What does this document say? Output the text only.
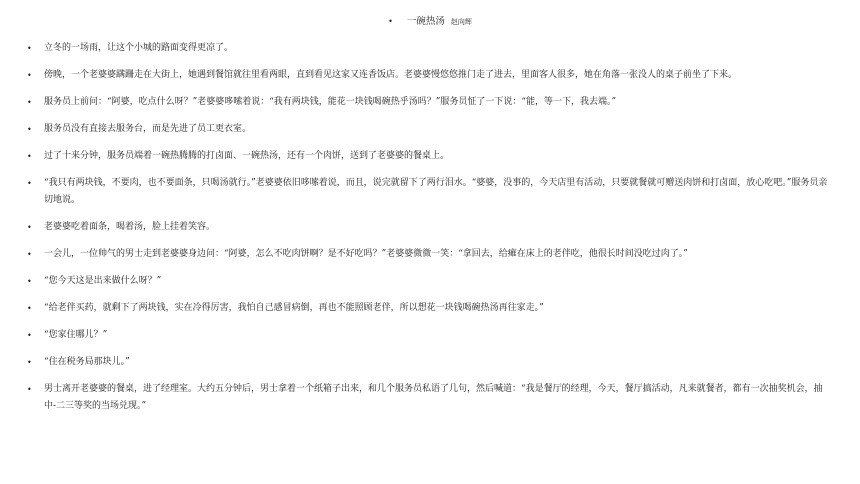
• 一碗热汤 赵向辉
• 立冬的一场雨，让这个小城的路面变得更凉了。
• 傍晚，一个老婆婆蹒跚走在大街上，她遇到餐馆就往里看两眼，直到看见这家又连香饭店。老婆婆慢悠悠推门走了进去，里面客人很多，她在角落一张没人的桌子前坐了下来。
• 服务员上前问：“阿婆，吃点什么呀？”老婆婆哆嗦着说：“我有两块钱，能花一块钱喝碗热乎汤吗？”服务员怔了一下说：“能，等一下，我去端。”
• 服务员没有直接去服务台，而是先进了员工更衣室。
• 过了十来分钟，服务员端着一碗热腾腾的打卤面、一碗热汤，还有一个肉饼，送到了老婆婆的餐桌上。
• “我只有两块钱，不要肉，也不要面条，只喝汤就行。”老婆婆依旧哆嗦着说，而且，说完就留下了两行泪水。“婆婆，没事的，今天店里有活动，只要就餐就可赠送肉饼和打卤面，放心吃吧。”服务员亲切地说。
• 老婆婆吃着面条，喝着汤，脸上挂着笑容。
• 一会儿，一位帅气的男士走到老婆婆身边问：“阿婆，怎么不吃肉饼啊？是不好吃吗？”老婆婆微微一笑：“拿回去，给瘫在床上的老伴吃，他很长时间没吃过肉了。”
• “您今天这是出来做什么呀？”
• “给老伴买药，就剩下了两块钱，实在冷得厉害，我怕自己感冒病倒，再也不能照顾老伴，所以想花一块钱喝碗热汤再往家走。”
• “您家住哪儿？”
• “住在税务局那块儿。”
• 男士离开老婆婆的餐桌，进了经理室。大约五分钟后，男士拿着一个纸箱子出来，和几个服务员私语了几句，然后喊道：“我是餐厅的经理，今天，餐厅搞活动，凡来就餐者，都有一次抽奖机会，抽中-二三等奖的当场兑现。”
